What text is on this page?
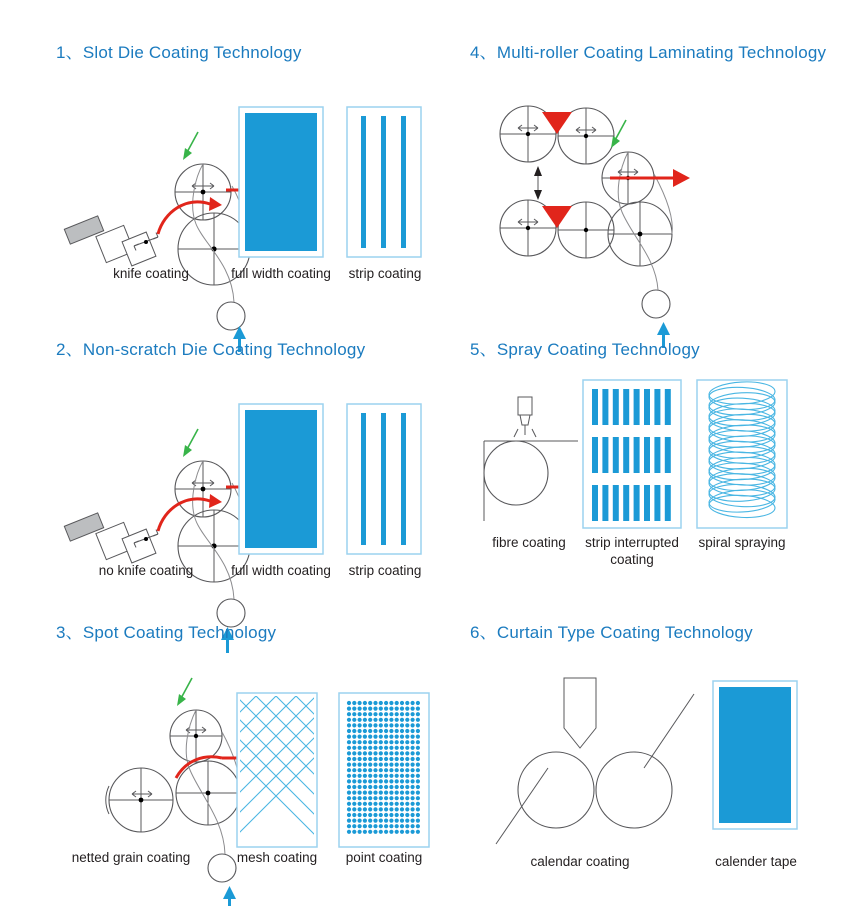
1、Slot Die Coating Technology
knife coating	full width coating	strip coating
2、Non-scratch Die Coating Technology
no knife coating	full width coating	strip coating
3、Spot Coating Technology
netted grain coating	mesh coating	point coating
4、Multi-roller Coating Laminating Technology
5、Spray Coating Technology
fibre coating	strip interrupted coating
spiral spraying
6、Curtain Type Coating Technology
calendar coating	calender tape
